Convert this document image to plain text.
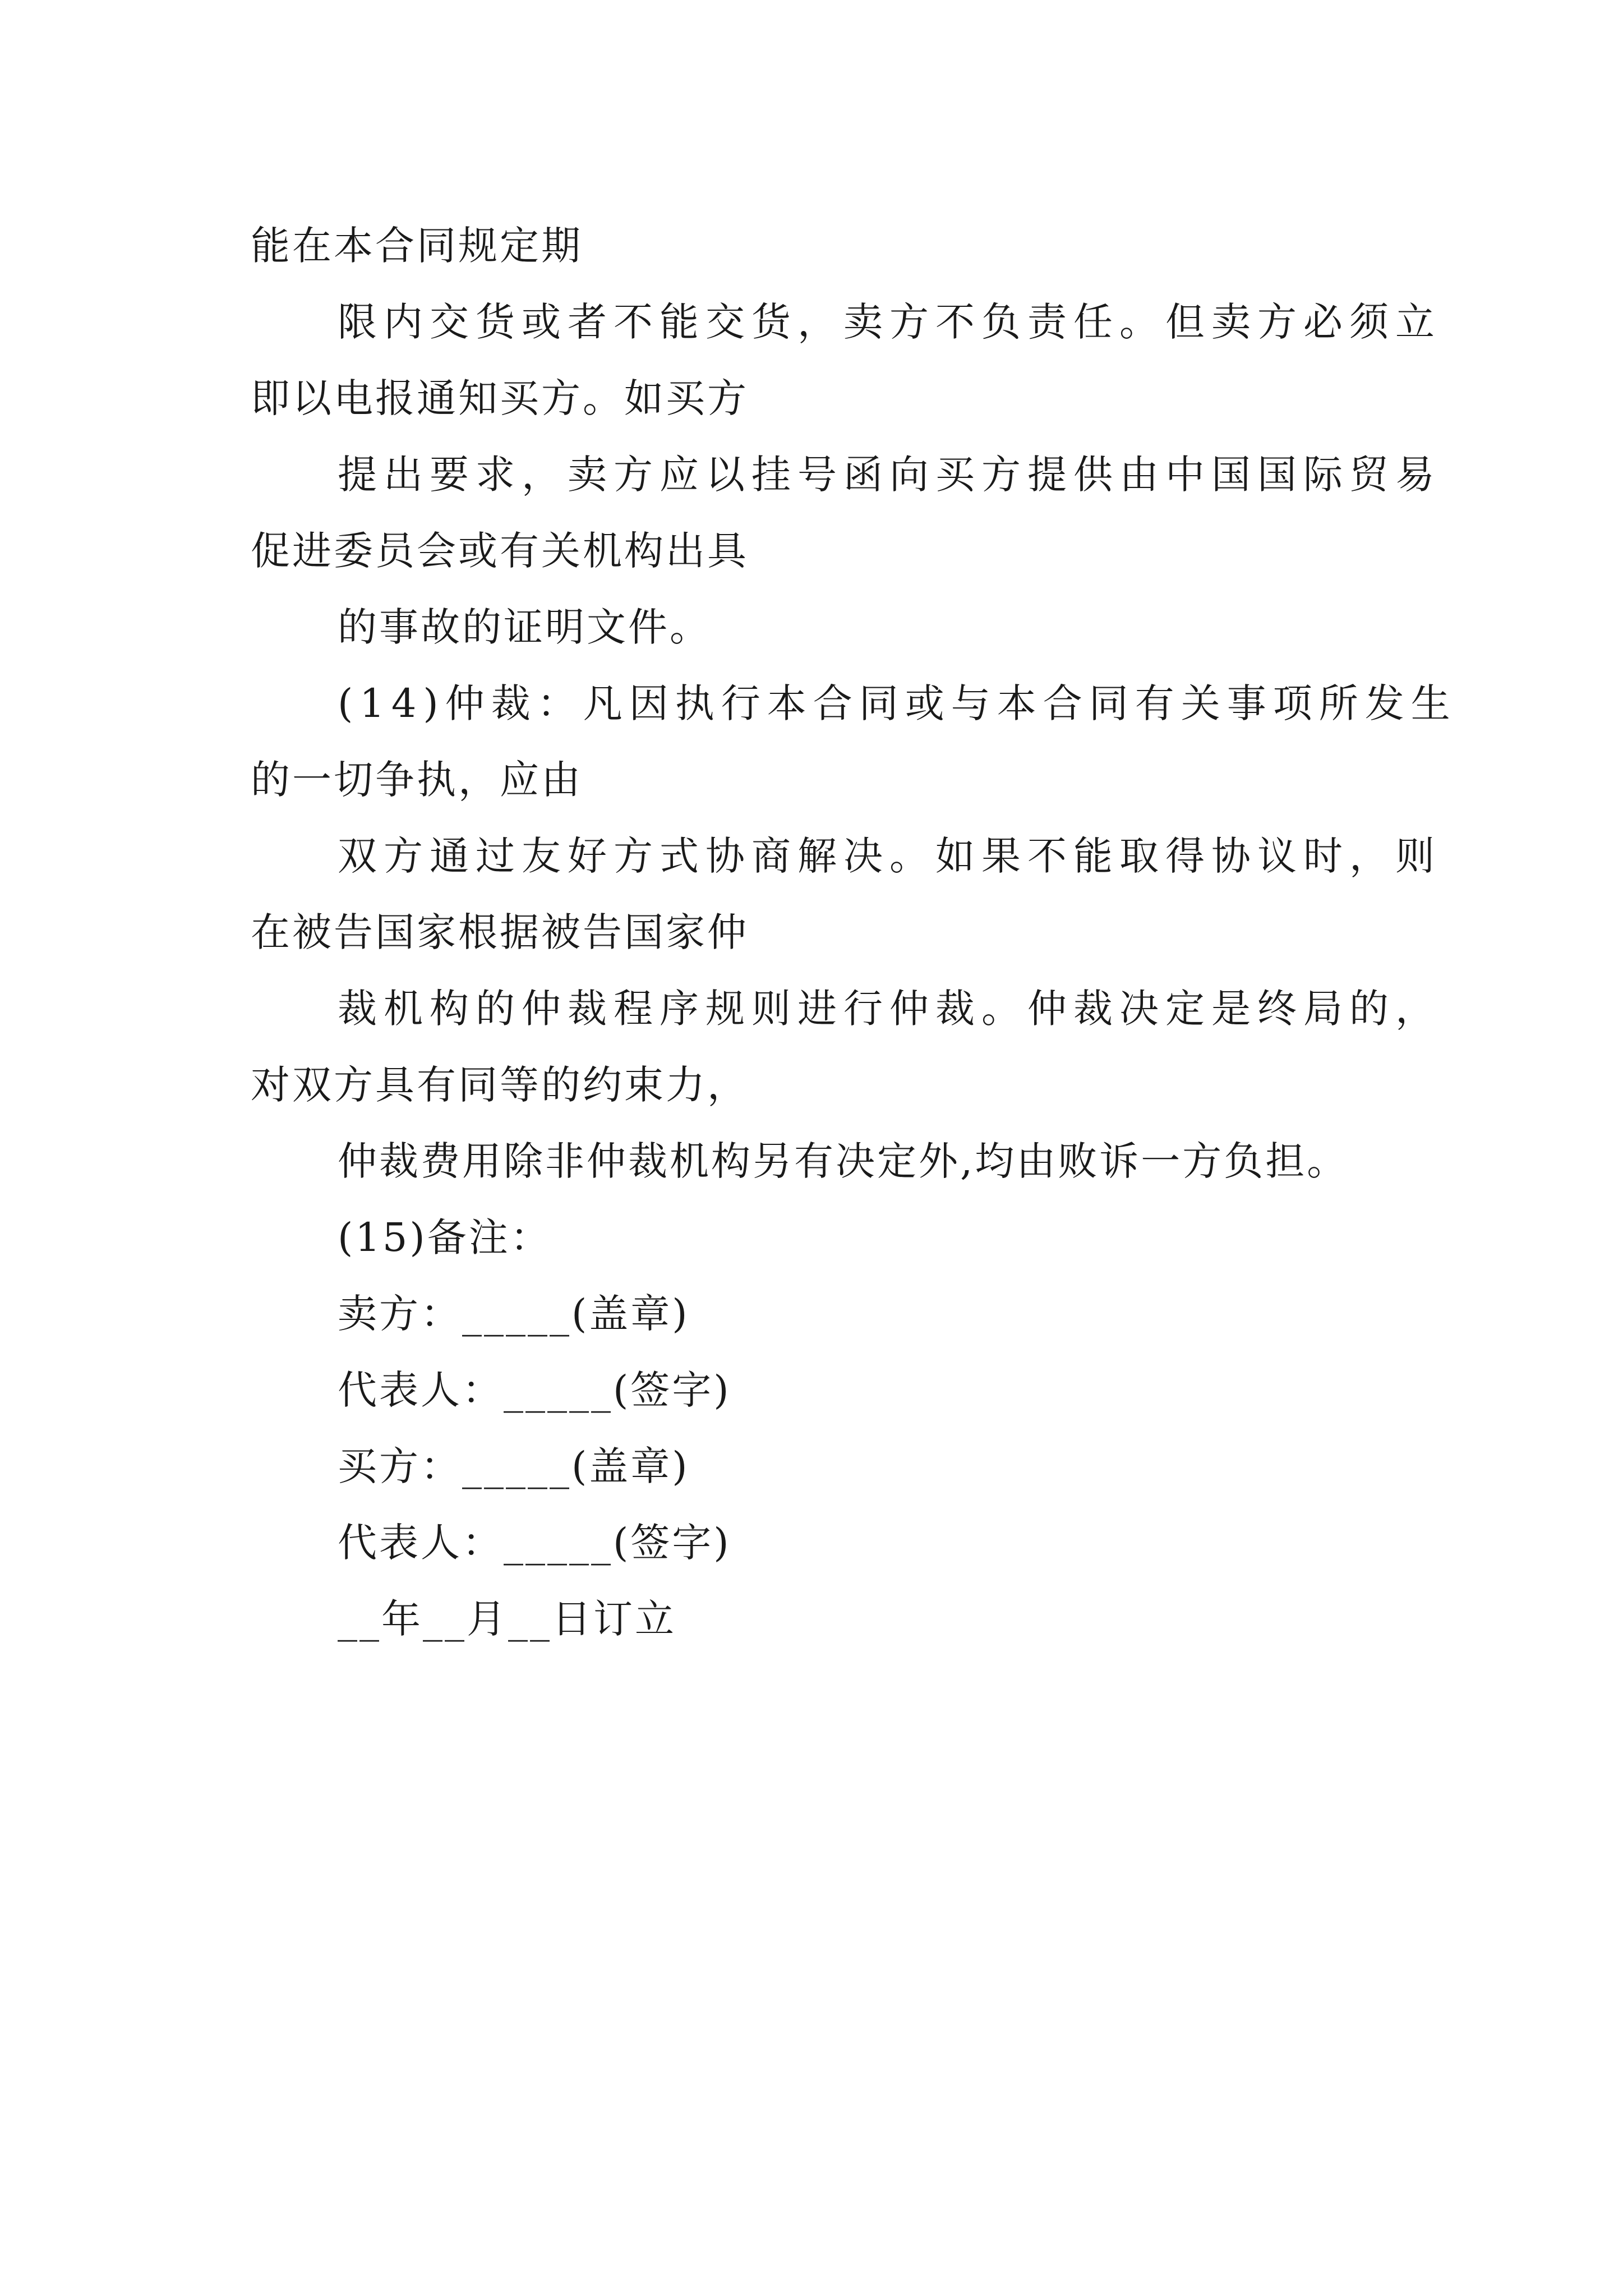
能在本合同规定期
限内交货或者不能交货，卖方不负责任。但卖方必须立
即以电报通知买方。如买方
提出要求，卖方应以挂号函向买方提供由中国国际贸易
促进委员会或有关机构出具
的事故的证明文件。
(14)仲裁：凡因执行本合同或与本合同有关事项所发生
的一切争执，应由
双方通过友好方式协商解决。如果不能取得协议时，则
在被告国家根据被告国家仲
裁机构的仲裁程序规则进行仲裁。仲裁决定是终局的，
对双方具有同等的约束力，
仲裁费用除非仲裁机构另有决定外,均由败诉一方负担。
(15)备注：
卖方：_____(盖章)
代表人：_____(签字)
买方：_____(盖章)
代表人：_____(签字)
__年__月__日订立
